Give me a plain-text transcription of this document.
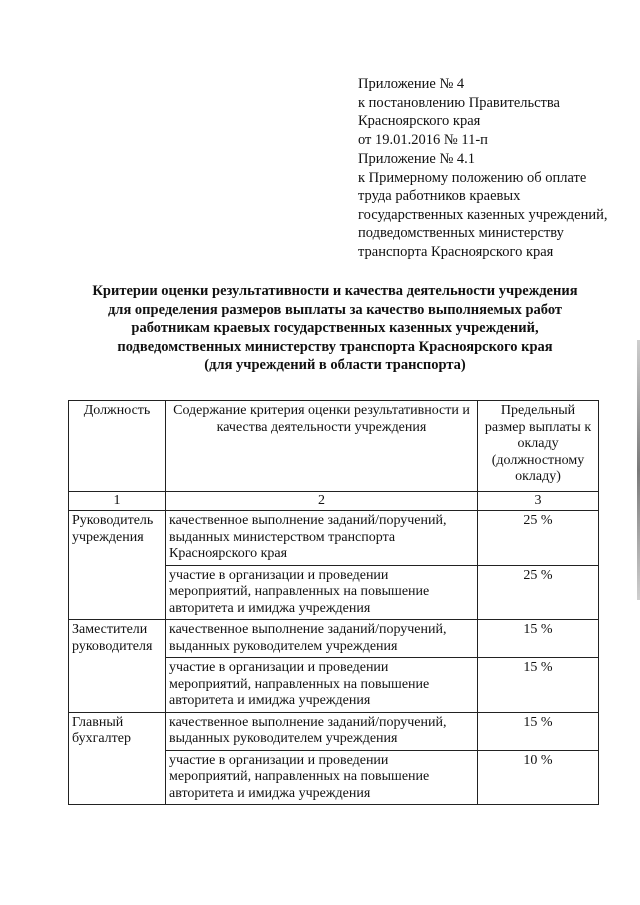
Приложение № 4
к постановлению Правительства
Красноярского края
от 19.01.2016 № 11-п
Приложение № 4.1
к Примерному положению об оплате
труда работников краевых
государственных казенных учреждений,
подведомственных министерству
транспорта Красноярского края
Критерии оценки результативности и качества деятельности учреждения
для определения размеров выплаты за качество выполняемых работ
работникам краевых государственных казенных учреждений,
подведомственных министерству транспорта Красноярского края
(для учреждений в области транспорта)
Должность	Содержание критерия оценки результативности и качества деятельности учреждения	Предельный размер выплаты к окладу (должностному окладу)
1	2	3
Руководитель учреждения	качественное выполнение заданий/поручений, выданных министерством транспорта Красноярского края	25 %
	участие в организации и проведении мероприятий, направленных на повышение авторитета и имиджа учреждения	25 %
Заместители руководителя	качественное выполнение заданий/поручений, выданных руководителем учреждения	15 %
	участие в организации и проведении мероприятий, направленных на повышение авторитета и имиджа учреждения	15 %
Главный бухгалтер	качественное выполнение заданий/поручений, выданных руководителем учреждения	15 %
	участие в организации и проведении мероприятий, направленных на повышение авторитета и имиджа учреждения	10 %
